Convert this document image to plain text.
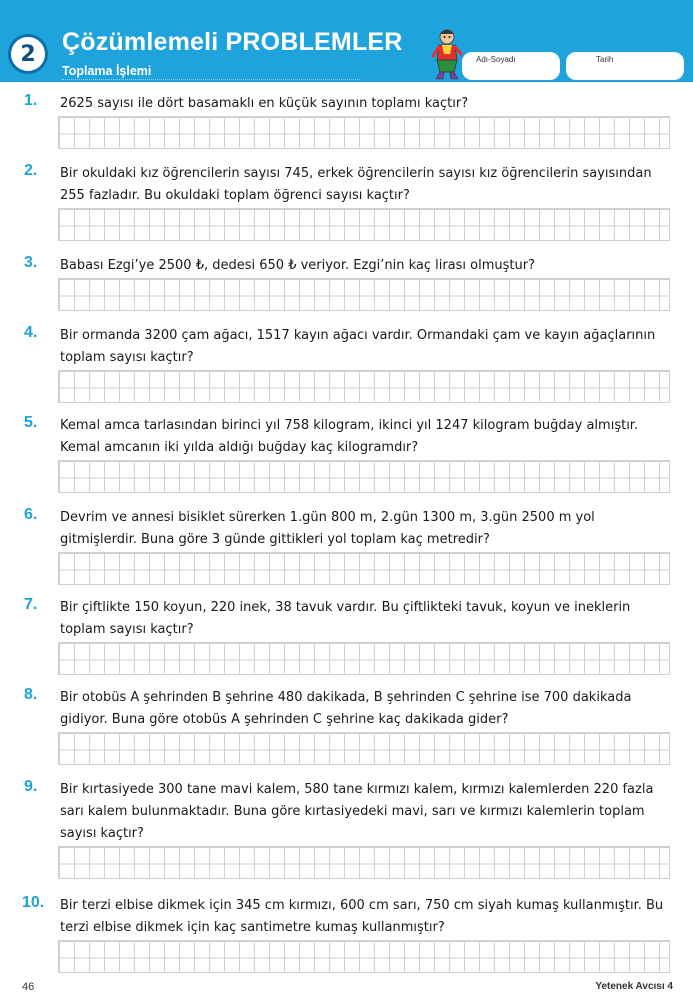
2 Çözümlemeli PROBLEMLER
Toplama İşlemi
Adı-Soyadı	Tarih
1. 2625 sayısı ile dört basamaklı en küçük sayının toplamı kaçtır?
2. Bir okuldaki kız öğrencilerin sayısı 745, erkek öğrencilerin sayısı kız öğrencilerin sayısından 255 fazladır. Bu okuldaki toplam öğrenci sayısı kaçtır?
3. Babası Ezgi’ye 2500 ₺, dedesi 650 ₺ veriyor. Ezgi’nin kaç lirası olmuştur?
4. Bir ormanda 3200 çam ağacı, 1517 kayın ağacı vardır. Ormandaki çam ve kayın ağaçlarının toplam sayısı kaçtır?
5. Kemal amca tarlasından birinci yıl 758 kilogram, ikinci yıl 1247 kilogram buğday almıştır. Kemal amcanın iki yılda aldığı buğday kaç kilogramdır?
6. Devrim ve annesi bisiklet sürerken 1.gün 800 m, 2.gün 1300 m, 3.gün 2500 m yol gitmişlerdir. Buna göre 3 günde gittikleri yol toplam kaç metredir?
7. Bir çiftlikte 150 koyun, 220 inek, 38 tavuk vardır. Bu çiftlikteki tavuk, koyun ve ineklerin toplam sayısı kaçtır?
8. Bir otobüs A şehrinden B şehrine 480 dakikada, B şehrinden C şehrine ise 700 dakikada gidiyor. Buna göre otobüs A şehrinden C şehrine kaç dakikada gider?
9. Bir kırtasiyede 300 tane mavi kalem, 580 tane kırmızı kalem, kırmızı kalemlerden 220 fazla sarı kalem bulunmaktadır. Buna göre kırtasiyedeki mavi, sarı ve kırmızı kalemlerin toplam sayısı kaçtır?
10. Bir terzi elbise dikmek için 345 cm kırmızı, 600 cm sarı, 750 cm siyah kumaş kullanmıştır. Bu terzi elbise dikmek için kaç santimetre kumaş kullanmıştır?
46	Yetenek Avcısı 4
